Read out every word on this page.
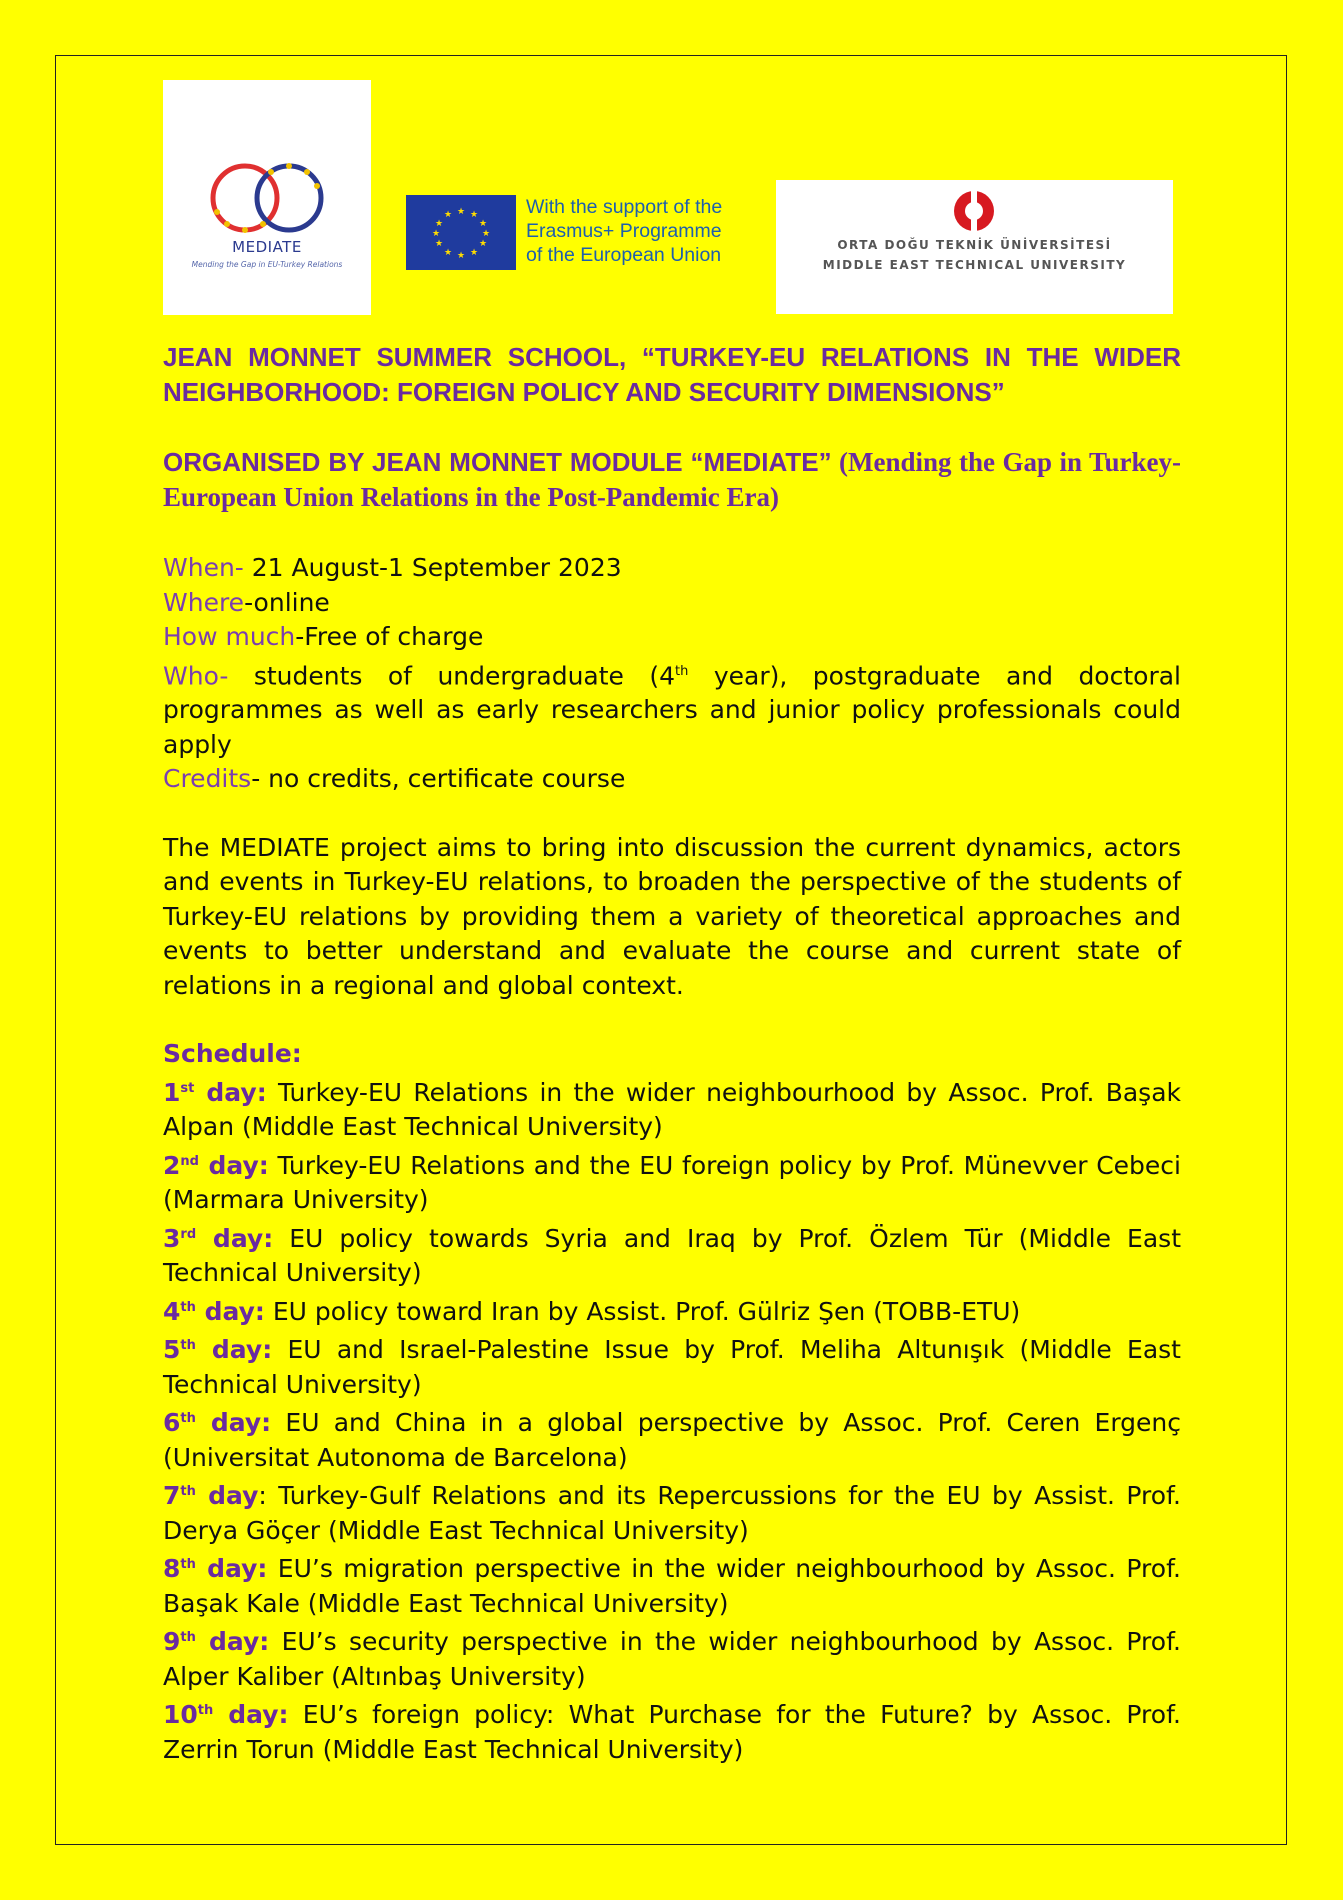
MEDIATE
Mending the Gap in EU-Turkey Relations
★ ★
★
★
★
★
★
★
★
★
★
★	With the support of the
Erasmus+ Programme
of the European Union	ORTA DOĞU TEKNİK ÜNİVERSİTESİ
MIDDLE EAST TECHNICAL UNIVERSITY

JEAN MONNET SUMMER SCHOOL, “TURKEY-EU RELATIONS IN THE WIDER NEIGHBORHOOD: FOREIGN POLICY AND SECURITY DIMENSIONS”

ORGANISED BY JEAN MONNET MODULE “MEDIATE” (Mending the Gap in Turkey-European Union Relations in the Post-Pandemic Era)

When- 21 August-1 September 2023

Where-online

How much-Free of charge

Who- students of undergraduate (4th year), postgraduate and doctoral programmes as well as early researchers and junior policy professionals could apply

Credits- no credits, certificate course

The MEDIATE project aims to bring into discussion the current dynamics, actors and events in Turkey-EU relations, to broaden the perspective of the students of Turkey-EU relations by providing them a variety of theoretical approaches and events to better understand and evaluate the course and current state of relations in a regional and global context.

Schedule:

1st day: Turkey-EU Relations in the wider neighbourhood by Assoc. Prof. Başak Alpan (Middle East Technical University)

2nd day: Turkey-EU Relations and the EU foreign policy by Prof. Münevver Cebeci (Marmara University)

3rd day: EU policy towards Syria and Iraq by Prof. Özlem Tür (Middle East Technical University)

4th day: EU policy toward Iran by Assist. Prof. Gülriz Şen (TOBB-ETU)

5th day: EU and Israel-Palestine Issue by Prof. Meliha Altunışık (Middle East Technical University)

6th day: EU and China in a global perspective by Assoc. Prof. Ceren Ergenç (Universitat Autonoma de Barcelona)

7th day: Turkey-Gulf Relations and its Repercussions for the EU by Assist. Prof. Derya Göçer (Middle East Technical University)

8th day: EU’s migration perspective in the wider neighbourhood by Assoc. Prof. Başak Kale (Middle East Technical University)

9th day: EU’s security perspective in the wider neighbourhood by Assoc. Prof. Alper Kaliber (Altınbaş University)

10th day: EU’s foreign policy: What Purchase for the Future? by Assoc. Prof. Zerrin Torun (Middle East Technical University)
